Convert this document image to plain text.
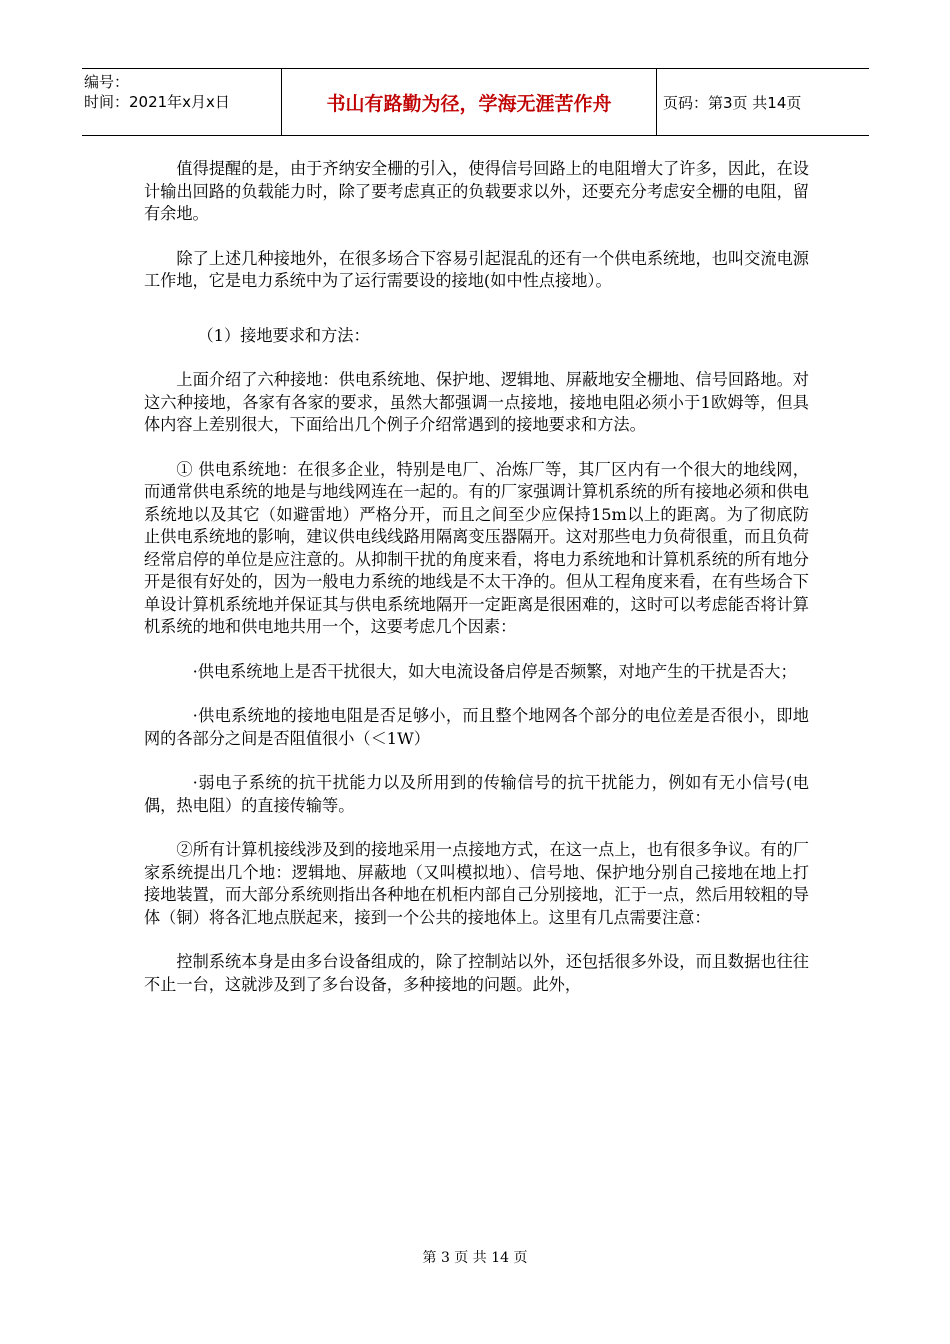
编号：
时间：2021年x月x日	书山有路勤为径，学海无涯苦作舟	页码：第3页 共14页

值得提醒的是，由于齐纳安全栅的引入，使得信号回路上的电阻增大了许多，因此，在设计输出回路的负载能力时，除了要考虑真正的负载要求以外，还要充分考虑安全栅的电阻，留有余地。

除了上述几种接地外，在很多场合下容易引起混乱的还有一个供电系统地，也叫交流电源工作地，它是电力系统中为了运行需要设的接地(如中性点接地）。

（1）接地要求和方法：

上面介绍了六种接地：供电系统地、保护地、逻辑地、屏蔽地安全栅地、信号回路地。对这六种接地，各家有各家的要求，虽然大都强调一点接地，接地电阻必须小于1欧姆等，但具体内容上差别很大，下面给出几个例子介绍常遇到的接地要求和方法。

① 供电系统地：在很多企业，特别是电厂、冶炼厂等，其厂区内有一个很大的地线网，而通常供电系统的地是与地线网连在一起的。有的厂家强调计算机系统的所有接地必须和供电系统地以及其它（如避雷地）严格分开，而且之间至少应保持15m以上的距离。为了彻底防止供电系统地的影响，建议供电线线路用隔离变压器隔开。这对那些电力负荷很重，而且负荷经常启停的单位是应注意的。从抑制干扰的角度来看，将电力系统地和计算机系统的所有地分开是很有好处的，因为一般电力系统的地线是不太干净的。但从工程角度来看，在有些场合下单设计算机系统地并保证其与供电系统地隔开一定距离是很困难的，这时可以考虑能否将计算机系统的地和供电地共用一个，这要考虑几个因素：

·供电系统地上是否干扰很大，如大电流设备启停是否频繁，对地产生的干扰是否大；

·供电系统地的接地电阻是否足够小，而且整个地网各个部分的电位差是否很小，即地网的各部分之间是否阻值很小（＜1W）

·弱电子系统的抗干扰能力以及所用到的传输信号的抗干扰能力，例如有无小信号(电偶，热电阻）的直接传输等。

②所有计算机接线涉及到的接地采用一点接地方式，在这一点上，也有很多争议。有的厂家系统提出几个地：逻辑地、屏蔽地（又叫模拟地）、信号地、保护地分别自己接地在地上打接地装置，而大部分系统则指出各种地在机柜内部自己分别接地，汇于一点，然后用较粗的导体（铜）将各汇地点朕起来，接到一个公共的接地体上。这里有几点需要注意：

控制系统本身是由多台设备组成的，除了控制站以外，还包括很多外设，而且数据也往往不止一台，这就涉及到了多台设备，多种接地的问题。此外，

第 3 页 共 14 页
